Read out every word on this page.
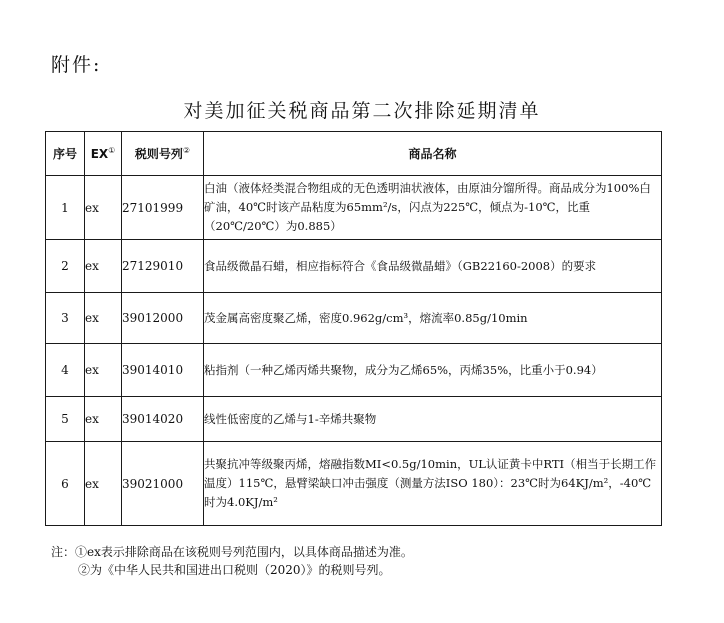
附件:
对美加征关税商品第二次排除延期清单
序号	EX①	税则号列②	商品名称
1	ex	27101999	白油（液体烃类混合物组成的无色透明油状液体，由原油分馏所得。商品成分为100%白矿油，40℃时该产品粘度为65mm²/s，闪点为225℃，倾点为-10℃，比重（20℃/20℃）为0.885）
2	ex	27129010	食品级微晶石蜡，相应指标符合《食品级微晶蜡》（GB22160-2008）的要求
3	ex	39012000	茂金属高密度聚乙烯，密度0.962g/cm³，熔流率0.85g/10min
4	ex	39014010	粘指剂（一种乙烯丙烯共聚物，成分为乙烯65%，丙烯35%，比重小于0.94）
5	ex	39014020	线性低密度的乙烯与1-辛烯共聚物
6	ex	39021000	共聚抗冲等级聚丙烯，熔融指数MI<0.5g/10min，UL认证黄卡中RTI（相当于长期工作温度）115℃，悬臂梁缺口冲击强度（测量方法ISO 180）：23℃时为64KJ/m²，-40℃时为4.0KJ/m²
注：①ex表示排除商品在该税则号列范围内，以具体商品描述为准。
②为《中华人民共和国进出口税则（2020）》的税则号列。
